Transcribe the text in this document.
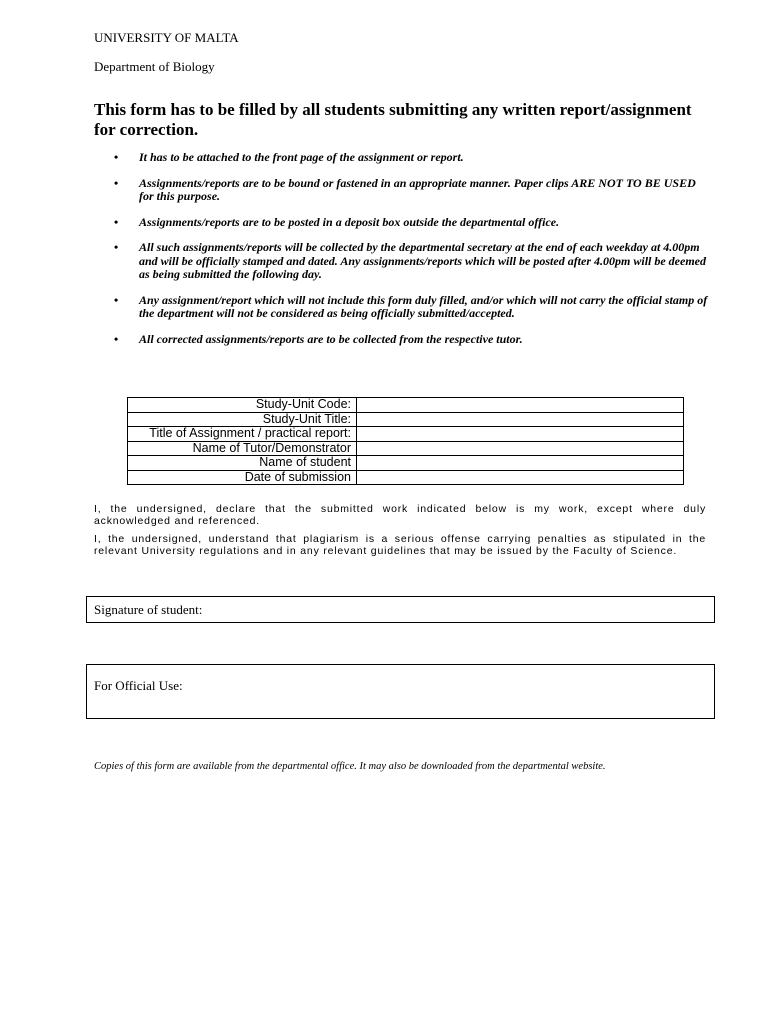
UNIVERSITY OF MALTA
Department of Biology
This form has to be filled by all students submitting any written report/assignment for correction.
• It has to be attached to the front page of the assignment or report.
• Assignments/reports are to be bound or fastened in an appropriate manner. Paper clips ARE NOT TO BE USED for this purpose.
• Assignments/reports are to be posted in a deposit box outside the departmental office.
• All such assignments/reports will be collected by the departmental secretary at the end of each weekday at 4.00pm and will be officially stamped and dated. Any assignments/reports which will be posted after 4.00pm will be deemed as being submitted the following day.
• Any assignment/report which will not include this form duly filled, and/or which will not carry the official stamp of the department will not be considered as being officially submitted/accepted.
• All corrected assignments/reports are to be collected from the respective tutor.
Study-Unit Code:	
Study-Unit Title:	
Title of Assignment / practical report:	
Name of Tutor/Demonstrator	
Name of student	
Date of submission	
I, the undersigned, declare that the submitted work indicated below is my work, except where duly acknowledged and referenced.
I, the undersigned, understand that plagiarism is a serious offense carrying penalties as stipulated in the relevant University regulations and in any relevant guidelines that may be issued by the Faculty of Science.
Signature of student:
For Official Use:
Copies of this form are available from the departmental office. It may also be downloaded from the departmental website.
